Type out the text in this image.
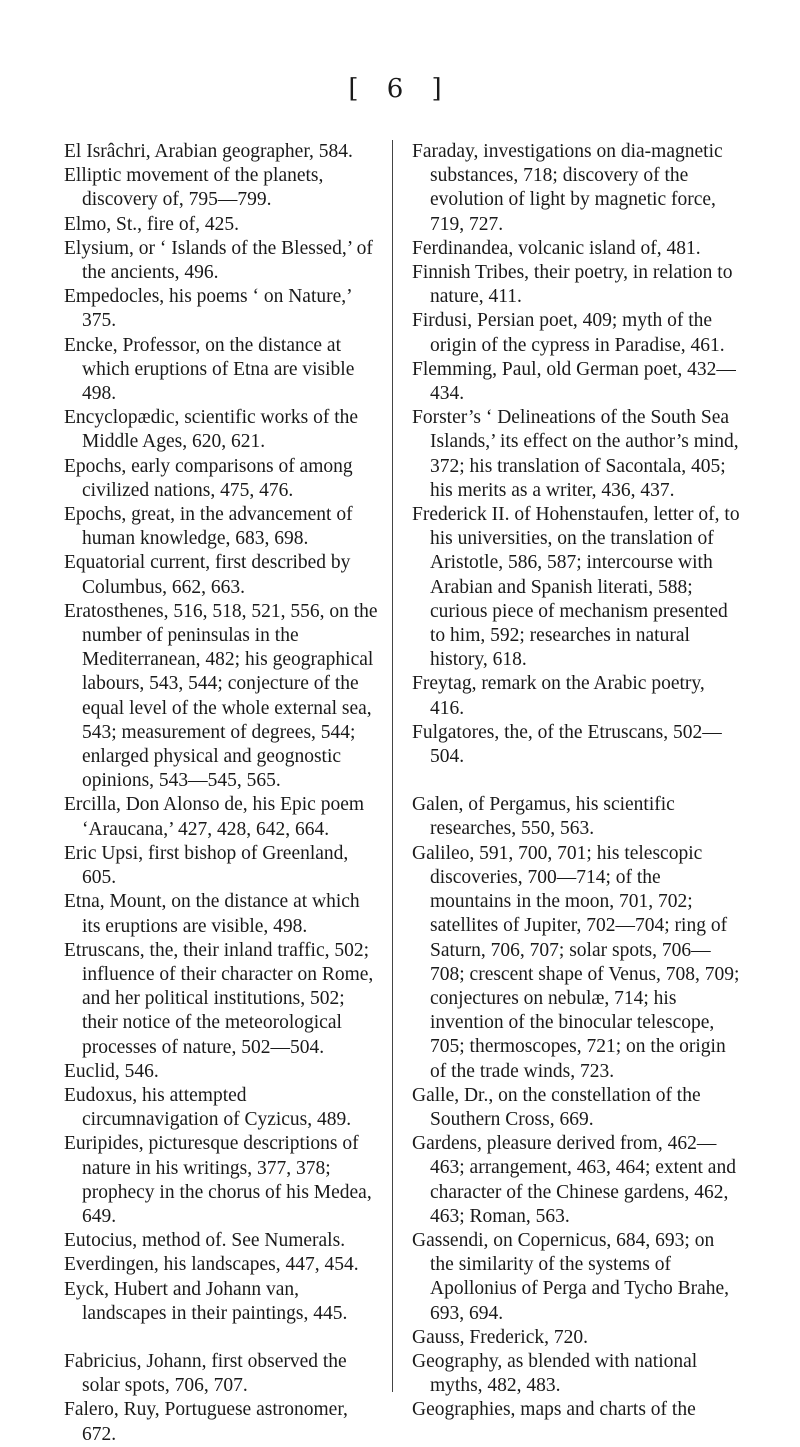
[ 6 ]

El Isrâchri, Arabian geographer, 584.

Elliptic movement of the planets, discovery of, 795—799.

Elmo, St., fire of, 425.

Elysium, or ‘ Islands of the Blessed,’ of the ancients, 496.

Empedocles, his poems ‘ on Nature,’ 375.

Encke, Professor, on the distance at which eruptions of Etna are visible 498.

Encyclopædic, scientific works of the Middle Ages, 620, 621.

Epochs, early comparisons of among civilized nations, 475, 476.

Epochs, great, in the advancement of human knowledge, 683, 698.

Equatorial current, first described by Columbus, 662, 663.

Eratosthenes, 516, 518, 521, 556, on the number of peninsulas in the Mediterranean, 482; his geographical labours, 543, 544; conjecture of the equal level of the whole external sea, 543; measurement of degrees, 544; enlarged physical and geognostic opinions, 543—545, 565.

Ercilla, Don Alonso de, his Epic poem ‘Araucana,’ 427, 428, 642, 664.

Eric Upsi, first bishop of Greenland, 605.

Etna, Mount, on the distance at which its eruptions are visible, 498.

Etruscans, the, their inland traffic, 502; influence of their character on Rome, and her political institutions, 502; their notice of the meteorological processes of nature, 502—504.

Euclid, 546.

Eudoxus, his attempted circumnavigation of Cyzicus, 489.

Euripides, picturesque descriptions of nature in his writings, 377, 378; prophecy in the chorus of his Medea, 649.

Eutocius, method of. See Numerals.

Everdingen, his landscapes, 447, 454.

Eyck, Hubert and Johann van, landscapes in their paintings, 445.

Fabricius, Johann, first observed the solar spots, 706, 707.

Falero, Ruy, Portuguese astronomer, 672.

Faraday, investigations on dia-magnetic substances, 718; discovery of the evolution of light by magnetic force, 719, 727.

Ferdinandea, volcanic island of, 481.

Finnish Tribes, their poetry, in relation to nature, 411.

Firdusi, Persian poet, 409; myth of the origin of the cypress in Paradise, 461.

Flemming, Paul, old German poet, 432—434.

Forster’s ‘ Delineations of the South Sea Islands,’ its effect on the author’s mind, 372; his translation of Sacontala, 405; his merits as a writer, 436, 437.

Frederick II. of Hohenstaufen, letter of, to his universities, on the translation of Aristotle, 586, 587; intercourse with Arabian and Spanish literati, 588; curious piece of mechanism presented to him, 592; researches in natural history, 618.

Freytag, remark on the Arabic poetry, 416.

Fulgatores, the, of the Etruscans, 502—504.

Galen, of Pergamus, his scientific researches, 550, 563.

Galileo, 591, 700, 701; his telescopic discoveries, 700—714; of the mountains in the moon, 701, 702; satellites of Jupiter, 702—704; ring of Saturn, 706, 707; solar spots, 706—708; crescent shape of Venus, 708, 709; conjectures on nebulæ, 714; his invention of the binocular telescope, 705; thermoscopes, 721; on the origin of the trade winds, 723.

Galle, Dr., on the constellation of the Southern Cross, 669.

Gardens, pleasure derived from, 462—463; arrangement, 463, 464; extent and character of the Chinese gardens, 462, 463; Roman, 563.

Gassendi, on Copernicus, 684, 693; on the similarity of the systems of Apollonius of Perga and Tycho Brahe, 693, 694.

Gauss, Frederick, 720.

Geography, as blended with national myths, 482, 483.

Geographies, maps and charts of the
